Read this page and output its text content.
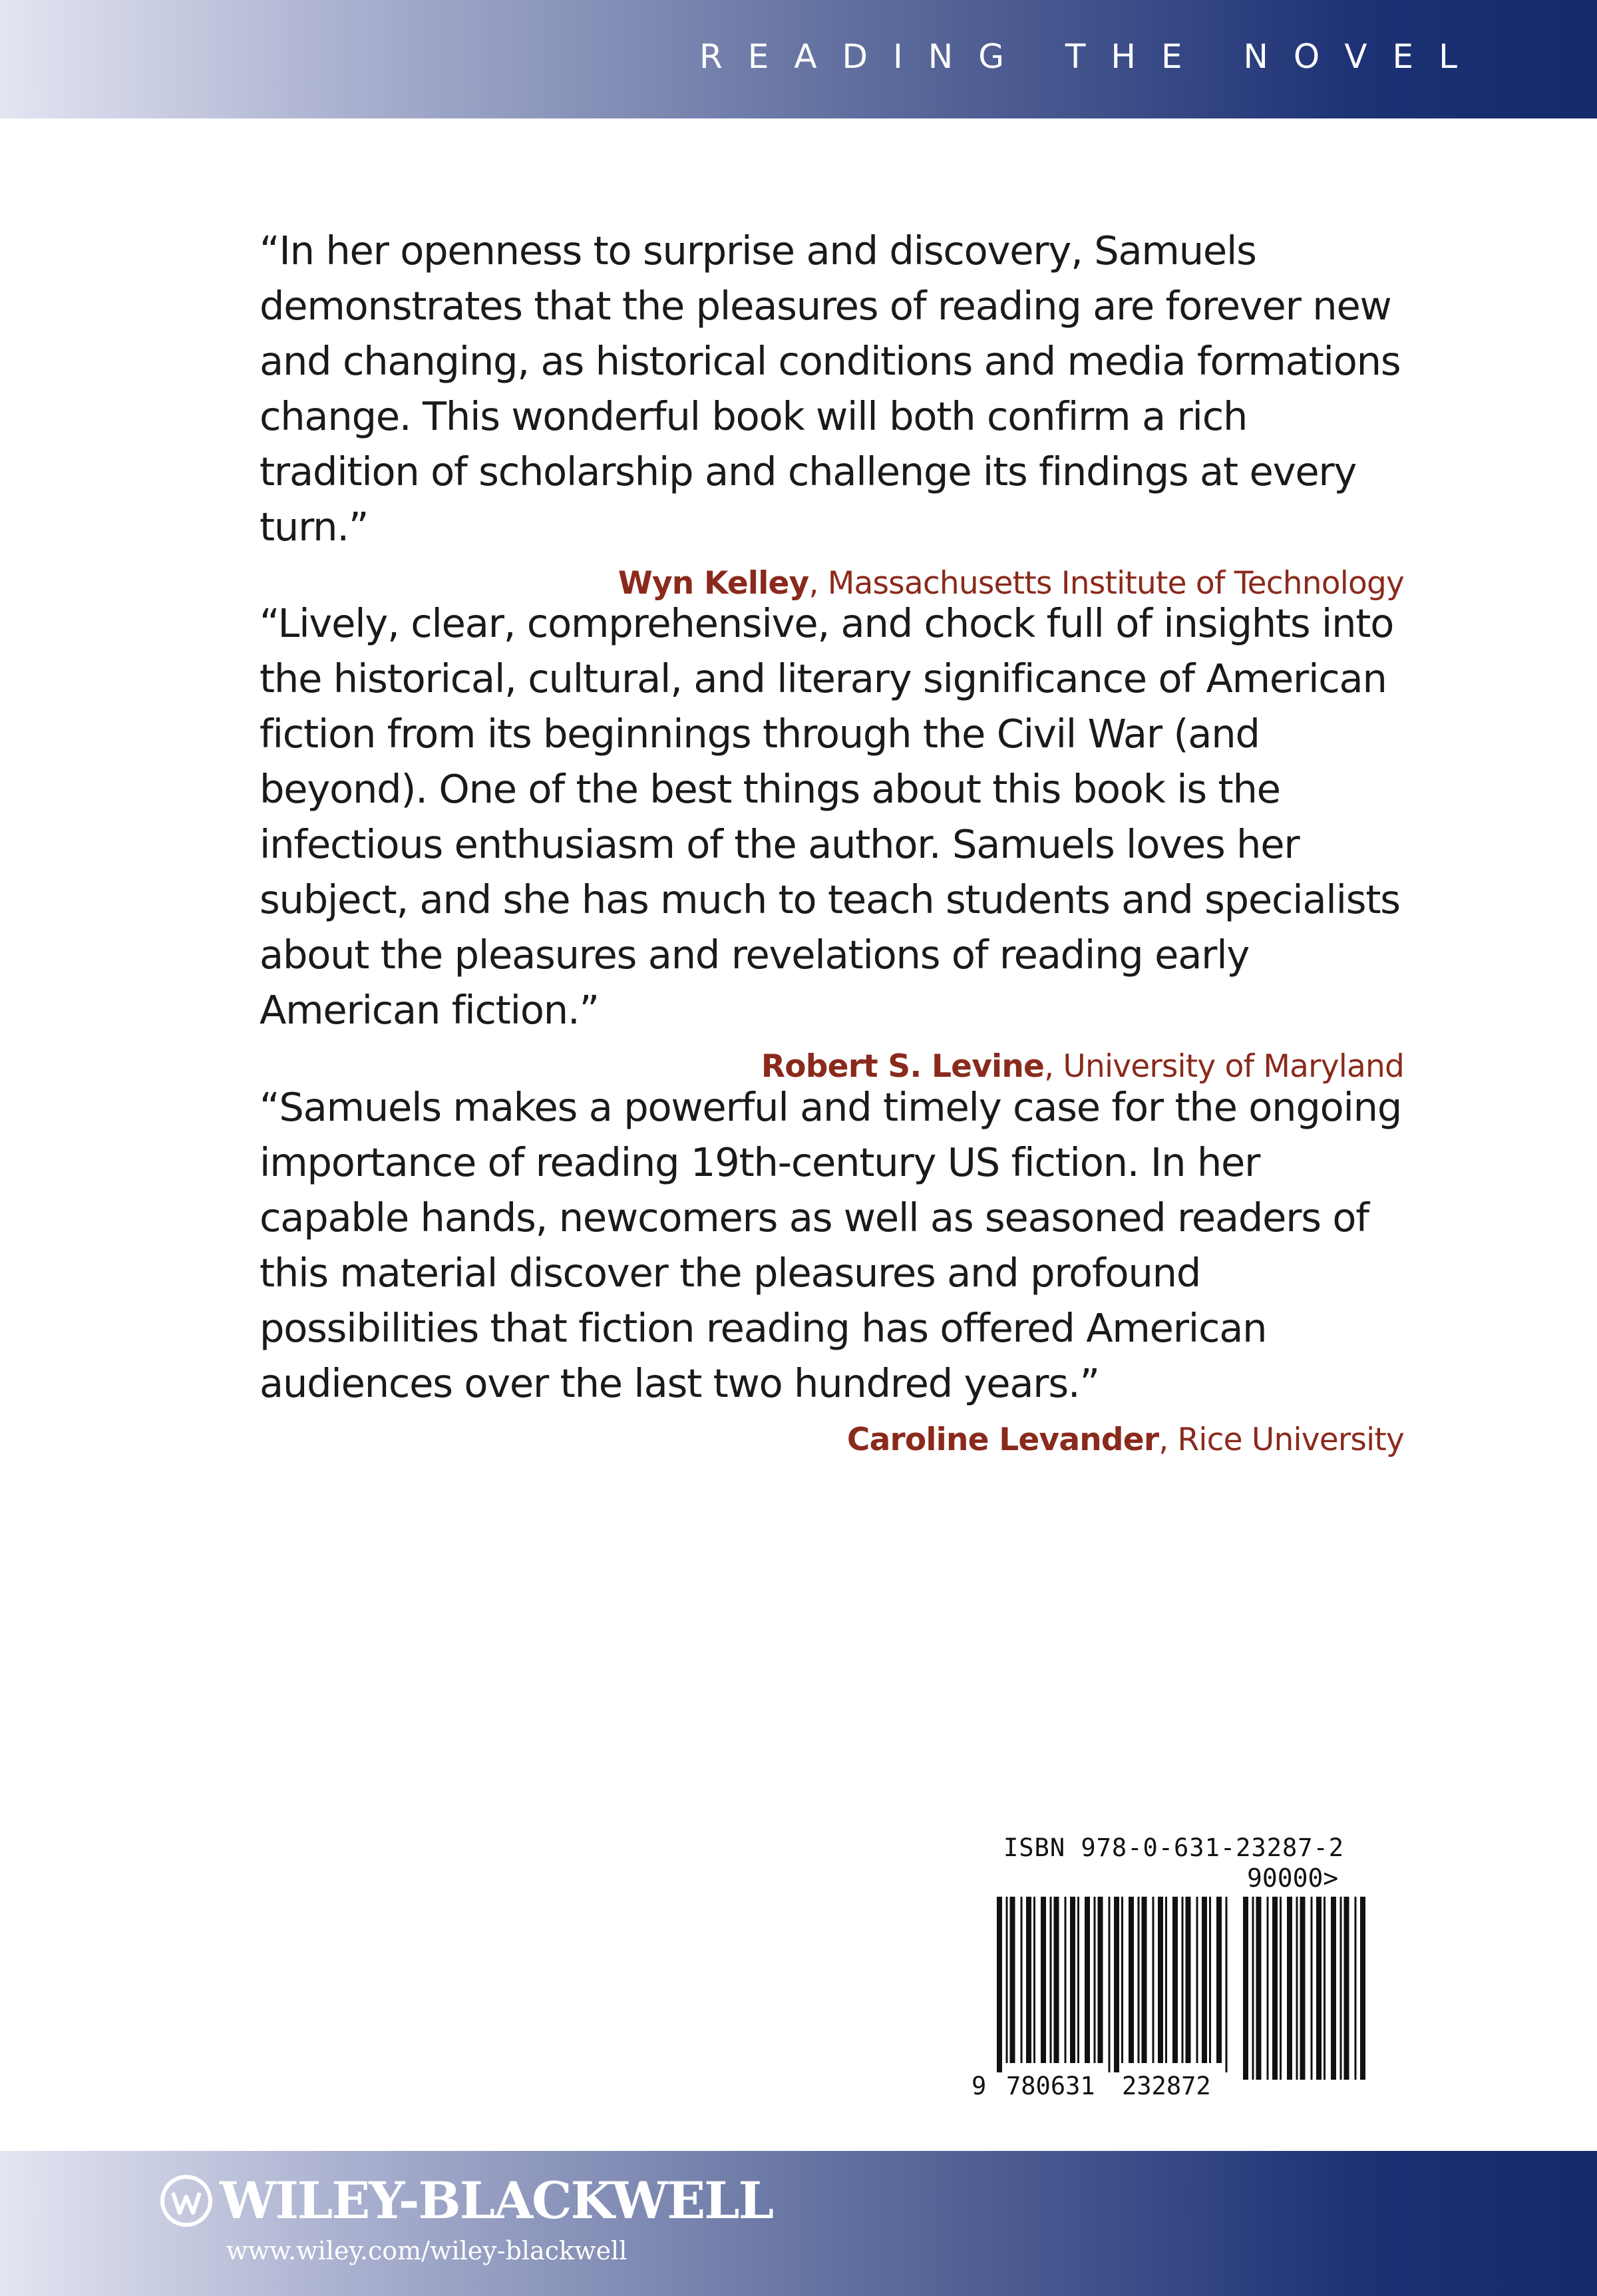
READING THE NOVEL

“In her openness to surprise and discovery, Samuels demonstrates that the pleasures of reading are forever new and changing, as historical conditions and media formations change. This wonderful book will both confirm a rich tradition of scholarship and challenge its findings at every turn.”

Wyn Kelley, Massachusetts Institute of Technology

“Lively, clear, comprehensive, and chock full of insights into the historical, cultural, and literary significance of American fiction from its beginnings through the Civil War (and beyond). One of the best things about this book is the infectious enthusiasm of the author. Samuels loves her subject, and she has much to teach students and specialists about the pleasures and revelations of reading early American fiction.”

Robert S. Levine, University of Maryland

“Samuels makes a powerful and timely case for the ongoing importance of reading 19th-century US fiction. In her capable hands, newcomers as well as seasoned readers of this material discover the pleasures and profound possibilities that fiction reading has offered American audiences over the last two hundred years.”

Caroline Levander, Rice University
ISBN 978-0-631-23287-2
90000>
9 780631 232872
WILEY-BLACKWELL
www.wiley.com/wiley-blackwell
